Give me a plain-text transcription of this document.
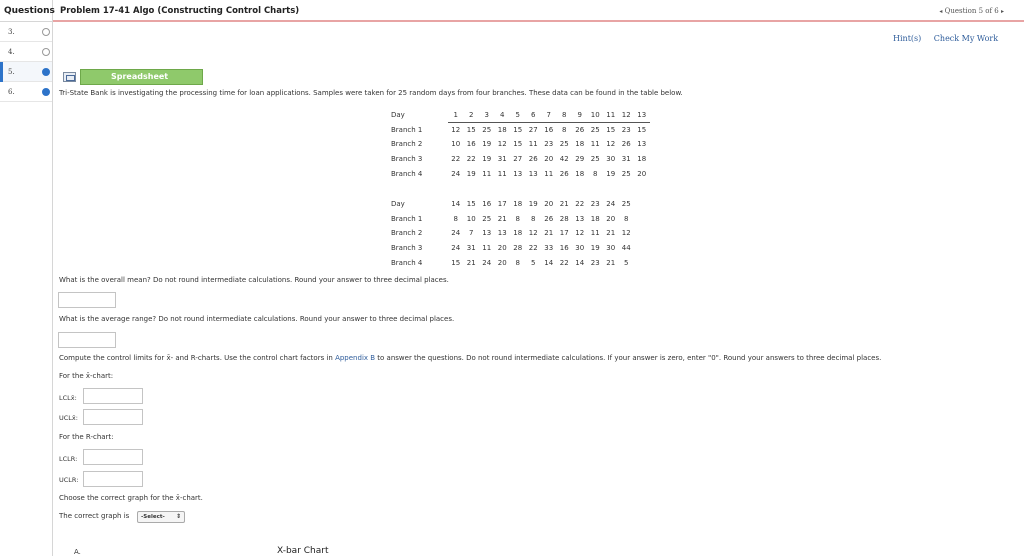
Questions
3.
4.
5.
6.
Problem 17-41 Algo (Constructing Control Charts)	◂ Question 5 of 6 ▸
Hint(s) Check My Work
Spreadsheet
Tri-State Bank is investigating the processing time for loan applications. Samples were taken for 25 random days from four branches. These data can be found in the table below.
Day	1	2	3	4	5	6	7	8	9	10	11	12	13
Branch 1	12	15	25	18	15	27	16	8	26	25	15	23	15
Branch 2	10	16	19	12	15	11	23	25	18	11	12	26	13
Branch 3	22	22	19	31	27	26	20	42	29	25	30	31	18
Branch 4	24	19	11	11	13	13	11	26	18	8	19	25	20
Day	14	15	16	17	18	19	20	21	22	23	24	25
Branch 1	8	10	25	21	8	8	26	28	13	18	20	8
Branch 2	24	7	13	13	18	12	21	17	12	11	21	12
Branch 3	24	31	11	20	28	22	33	16	30	19	30	44
Branch 4	15	21	24	20	8	5	14	22	14	23	21	5
What is the overall mean? Do not round intermediate calculations. Round your answer to three decimal places.
What is the average range? Do not round intermediate calculations. Round your answer to three decimal places.
Compute the control limits for x̄- and R-charts. Use the control chart factors in Appendix B to answer the questions. Do not round intermediate calculations. If your answer is zero, enter "0". Round your answers to three decimal places.
For the x̄-chart:
LCLx̄:
UCLx̄:
For the R-chart:
LCLR:
UCLR:
Choose the correct graph for the x̄-chart.
The correct graph is	-Select- ⇕
A.	X-bar Chart
